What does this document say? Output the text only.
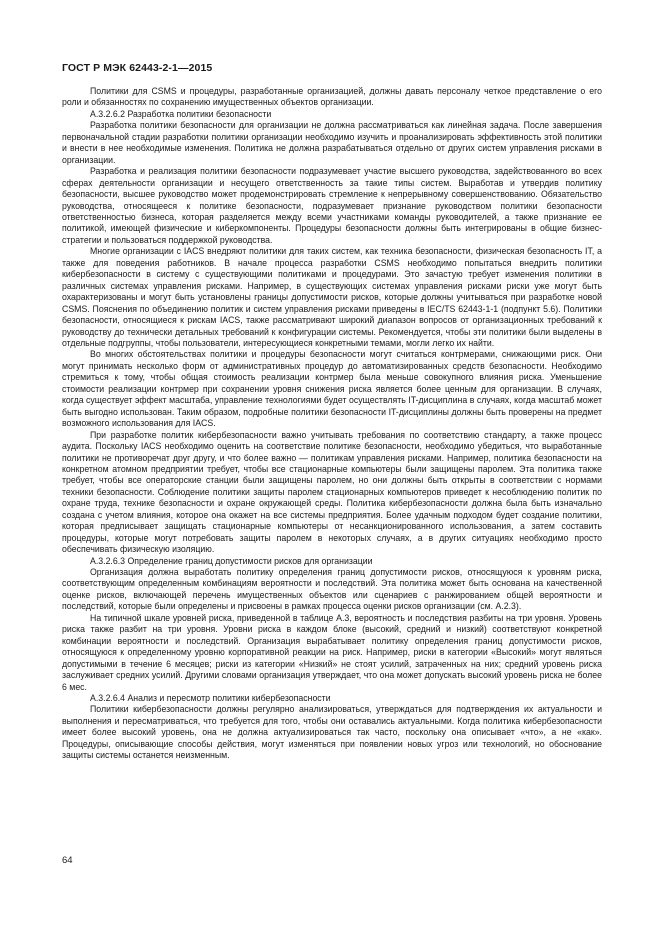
ГОСТ Р МЭК 62443-2-1—2015

Политики для CSMS и процедуры, разработанные организацией, должны давать персоналу четкое представление о его роли и обязанностях по сохранению имущественных объектов организации.

А.3.2.6.2 Разработка политики безопасности

Разработка политики безопасности для организации не должна рассматриваться как линейная задача. После завершения первоначальной стадии разработки политики организации необходимо изучить и проанализировать эффективность этой политики и внести в нее необходимые изменения. Политика не должна разрабатываться отдельно от других систем управления рисками в организации.

Разработка и реализация политики безопасности подразумевает участие высшего руководства, задействованного во всех сферах деятельности организации и несущего ответственность за такие типы систем. Выработав и утвердив политику безопасности, высшее руководство может продемонстрировать стремление к непрерывному совершенствованию. Обязательство руководства, относящееся к политике безопасности, подразумевает признание руководством политики безопасности ответственностью бизнеса, которая разделяется между всеми участниками команды руководителей, а также признание ее политикой, имеющей физические и киберкомпоненты. Процедуры безопасности должны быть интегрированы в общие бизнес-стратегии и пользоваться поддержкой руководства.

Многие организации с IACS внедряют политики для таких систем, как техника безопасности, физическая безопасность IT, а также для поведения работников. В начале процесса разработки CSMS необходимо попытаться внедрить политики кибербезопасности в систему с существующими политиками и процедурами. Это зачастую требует изменения политики в различных системах управления рисками. Например, в существующих системах управления рисками риски уже могут быть охарактеризованы и могут быть установлены границы допустимости рисков, которые должны учитываться при разработке новой CSMS. Пояснения по объединению политик и систем управления рисками приведены в IEC/TS 62443-1-1 (подпункт 5.6). Политики безопасности, относящиеся к рискам IACS, также рассматривают широкий диапазон вопросов от организационных требований к руководству до технически детальных требований к конфигурации системы. Рекомендуется, чтобы эти политики были выделены в отдельные подгруппы, чтобы пользователи, интересующиеся конкретными темами, могли легко их найти.

Во многих обстоятельствах политики и процедуры безопасности могут считаться контрмерами, снижающими риск. Они могут принимать несколько форм от административных процедур до автоматизированных средств безопасности. Необходимо стремиться к тому, чтобы общая стоимость реализации контрмер была меньше совокупного влияния риска. Уменьшение стоимости реализации контрмер при сохранении уровня снижения риска является более ценным для организации. В случаях, когда существует эффект масштаба, управление технологиями будет осуществлять IT-дисциплина в случаях, когда масштаб может быть выгодно использован. Таким образом, подробные политики безопасности IT-дисциплины должны быть проверены на предмет возможного использования для IACS.

При разработке политик кибербезопасности важно учитывать требования по соответствию стандарту, а также процесс аудита. Поскольку IACS необходимо оценить на соответствие политике безопасности, необходимо убедиться, что выработанные политики не противоречат друг другу, и что более важно — политикам управления рисками. Например, политика безопасности на конкретном атомном предприятии требует, чтобы все стационарные компьютеры были защищены паролем. Эта политика также требует, чтобы все операторские станции были защищены паролем, но они должны быть открыты в соответствии с нормами техники безопасности. Соблюдение политики защиты паролем стационарных компьютеров приведет к несоблюдению политик по охране труда, технике безопасности и охране окружающей среды. Политика кибербезопасности должна была быть изначально создана с учетом влияния, которое она окажет на все системы предприятия. Более удачным подходом будет создание политики, которая предписывает защищать стационарные компьютеры от несанкционированного использования, а затем составить процедуры, которые могут потребовать защиты паролем в некоторых случаях, а в других ситуациях необходимо просто обеспечивать физическую изоляцию.

А.3.2.6.3 Определение границ допустимости рисков для организации

Организация должна выработать политику определения границ допустимости рисков, относящуюся к уровням риска, соответствующим определенным комбинациям вероятности и последствий. Эта политика может быть основана на качественной оценке рисков, включающей перечень имущественных объектов или сценариев с ранжированием общей вероятности и последствий, которые были определены и присвоены в рамках процесса оценки рисков организации (см. А.2.3).

На типичной шкале уровней риска, приведенной в таблице А.3, вероятность и последствия разбиты на три уровня. Уровень риска также разбит на три уровня. Уровни риска в каждом блоке (высокий, средний и низкий) соответствуют конкретной комбинации вероятности и последствий. Организация вырабатывает политику определения границ допустимости рисков, относящуюся к определенному уровню корпоративной реакции на риск. Например, риски в категории «Высокий» могут являться допустимыми в течение 6 месяцев; риски из категории «Низкий» не стоят усилий, затраченных на них; средний уровень риска заслуживает средних усилий. Другими словами организация утверждает, что она может допускать высокий уровень риска не более 6 мес.

А.3.2.6.4 Анализ и пересмотр политики кибербезопасности

Политики кибербезопасности должны регулярно анализироваться, утверждаться для подтверждения их актуальности и выполнения и пересматриваться, что требуется для того, чтобы они оставались актуальными. Когда политика кибербезопасности имеет более высокий уровень, она не должна актуализироваться так часто, поскольку она описывает «что», а не «как». Процедуры, описывающие способы действия, могут изменяться при появлении новых угроз или технологий, но обоснование защиты системы останется неизменным.

64
